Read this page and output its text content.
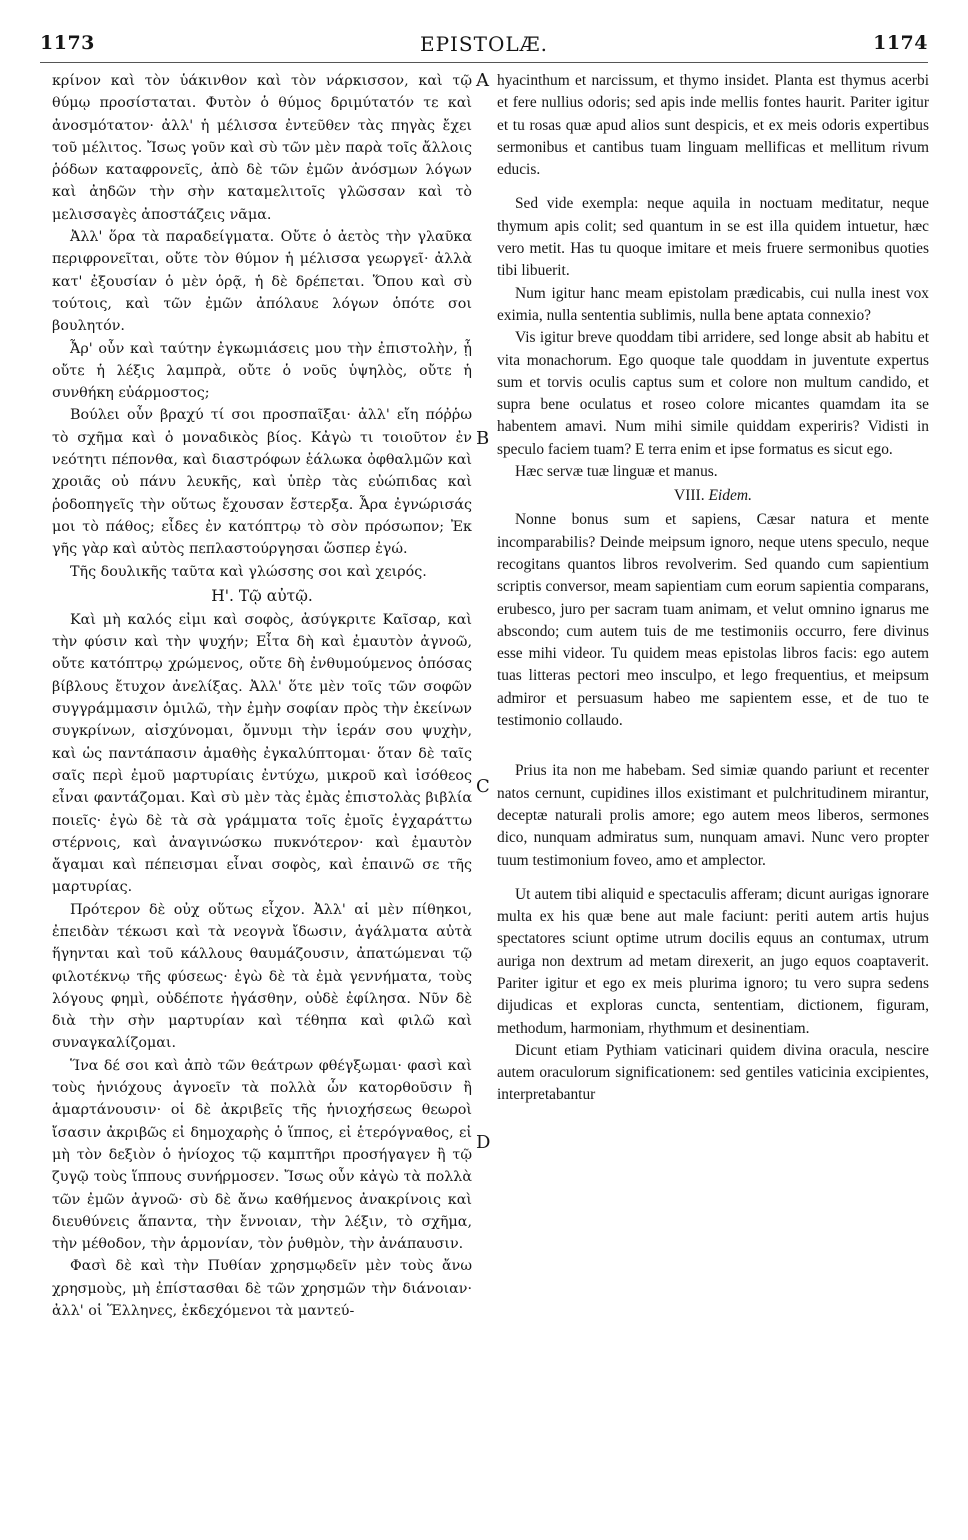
1173	EPISTOLÆ.	1174
A
B
C
D

κρίνον καὶ τὸν ὑάκινθον καὶ τὸν νάρκισσον, καὶ τῷ θύμῳ προσίσταται. Φυτὸν ὁ θύμος δριμύτατόν τε καὶ ἀνοσμότατον· ἀλλ' ἡ μέλισσα ἐντεῦθεν τὰς πηγὰς ἔχει τοῦ μέλιτος. Ἴσως γοῦν καὶ σὺ τῶν μὲν παρὰ τοῖς ἄλλοις ῥόδων καταφρονεῖς, ἀπὸ δὲ τῶν ἐμῶν ἀνόσμων λόγων καὶ ἀηδῶν τὴν σὴν καταμελιτοῖς γλῶσσαν καὶ τὸ μελισσαγὲς ἀποστάζεις νᾶμα.

Ἀλλ' ὅρα τὰ παραδείγματα. Οὔτε ὁ ἀετὸς τὴν γλαῦκα περιφρονεῖται, οὔτε τὸν θύμον ἡ μέλισσα γεωργεῖ· ἀλλὰ κατ' ἐξουσίαν ὁ μὲν ὁρᾷ, ἡ δὲ δρέπεται. Ὅπου καὶ σὺ τούτοις, καὶ τῶν ἐμῶν ἀπόλαυε λόγων ὁπότε σοι βουλητόν.

Ἆρ' οὖν καὶ ταύτην ἐγκωμιάσεις μου τὴν ἐπιστολὴν, ᾗ οὔτε ἡ λέξις λαμπρὰ, οὔτε ὁ νοῦς ὑψηλὸς, οὔτε ἡ συνθήκη εὐάρμοστος;

Βούλει οὖν βραχύ τί σοι προσπαῖξαι· ἀλλ' εἴη πόῤῥω τὸ σχῆμα καὶ ὁ μοναδικὸς βίος. Κἀγὼ τι τοιοῦτον ἐν νεότητι πέπονθα, καὶ διαστρόφων ἑάλωκα ὀφθαλμῶν καὶ χροιᾶς οὐ πάνυ λευκῆς, καὶ ὑπὲρ τὰς εὐώπιδας καὶ ῥοδοπηγεῖς τὴν οὕτως ἔχουσαν ἔστερξα. Ἆρα ἐγνώρισάς μοι τὸ πάθος; εἶδες ἐν κατόπτρῳ τὸ σὸν πρόσωπον; Ἐκ γῆς γὰρ καὶ αὐτὸς πεπλαστούργησαι ὥσπερ ἐγώ.

Τῆς δουλικῆς ταῦτα καὶ γλώσσης σοι καὶ χειρός.

Η'. Τῷ αὐτῷ.

Καὶ μὴ καλός εἰμι καὶ σοφὸς, ἀσύγκριτε Καῖσαρ, καὶ τὴν φύσιν καὶ τὴν ψυχήν; Εἶτα δὴ καὶ ἐμαυτὸν ἀγνοῶ, οὔτε κατόπτρῳ χρώμενος, οὔτε δὴ ἐνθυμούμενος ὁπόσας βίβλους ἔτυχον ἀνελίξας. Ἀλλ' ὅτε μὲν τοῖς τῶν σοφῶν συγγράμμασιν ὁμιλῶ, τὴν ἐμὴν σοφίαν πρὸς τὴν ἐκείνων συγκρίνων, αἰσχύνομαι, ὄμνυμι τὴν ἱεράν σου ψυχὴν, καὶ ὡς παντάπασιν ἀμαθὴς ἐγκαλύπτομαι· ὅταν δὲ ταῖς σαῖς περὶ ἐμοῦ μαρτυρίαις ἐντύχω, μικροῦ καὶ ἰσόθεος εἶναι φαντάζομαι. Καὶ σὺ μὲν τὰς ἐμὰς ἐπιστολὰς βιβλία ποιεῖς· ἐγὼ δὲ τὰ σὰ γράμματα τοῖς ἐμοῖς ἐγχαράττω στέρνοις, καὶ ἀναγινώσκω πυκνότερον· καὶ ἐμαυτὸν ἄγαμαι καὶ πέπεισμαι εἶναι σοφὸς, καὶ ἐπαινῶ σε τῆς μαρτυρίας.

Πρότερον δὲ οὐχ οὕτως εἶχον. Ἀλλ' αἱ μὲν πίθηκοι, ἐπειδὰν τέκωσι καὶ τὰ νεογνὰ ἴδωσιν, ἀγάλματα αὐτὰ ἥγηνται καὶ τοῦ κάλλους θαυμάζουσιν, ἀπατώμεναι τῷ φιλοτέκνῳ τῆς φύσεως· ἐγὼ δὲ τὰ ἐμὰ γεννήματα, τοὺς λόγους φημὶ, οὐδέποτε ἠγάσθην, οὐδὲ ἐφίλησα. Νῦν δὲ διὰ τὴν σὴν μαρτυρίαν καὶ τέθηπα καὶ φιλῶ καὶ συναγκαλίζομαι.

Ἵνα δέ σοι καὶ ἀπὸ τῶν θεάτρων φθέγξωμαι· φασὶ καὶ τοὺς ἡνιόχους ἀγνοεῖν τὰ πολλὰ ὧν κατορθοῦσιν ἢ ἁμαρτάνουσιν· οἱ δὲ ἀκριβεῖς τῆς ἡνιοχήσεως θεωροὶ ἴσασιν ἀκριβῶς εἰ δημοχαρὴς ὁ ἵππος, εἰ ἑτερόγναθος, εἰ μὴ τὸν δεξιὸν ὁ ἡνίοχος τῷ καμπτῆρι προσήγαγεν ἢ τῷ ζυγῷ τοὺς ἵππους συνήρμοσεν. Ἴσως οὖν κἀγὼ τὰ πολλὰ τῶν ἐμῶν ἀγνοῶ· σὺ δὲ ἄνω καθήμενος ἀνακρίνοις καὶ διευθύνεις ἅπαντα, τὴν ἔννοιαν, τὴν λέξιν, τὸ σχῆμα, τὴν μέθοδον, τὴν ἁρμονίαν, τὸν ῥυθμὸν, τὴν ἀνάπαυσιν.

Φασὶ δὲ καὶ τὴν Πυθίαν χρησμῳδεῖν μὲν τοὺς ἄνω χρησμοὺς, μὴ ἐπίστασθαι δὲ τῶν χρησμῶν τὴν διάνοιαν· ἀλλ' οἱ Ἕλληνες, ἐκδεχόμενοι τὰ μαντεύ-

hyacinthum et narcissum, et thymo insidet. Planta est thymus acerbi et fere nullius odoris; sed apis inde mellis fontes haurit. Pariter igitur et tu rosas quæ apud alios sunt despicis, et ex meis odoris expertibus sermonibus et cantibus tuam linguam mellificas et mellitum rivum educis.

Sed vide exempla: neque aquila in noctuam meditatur, neque thymum apis colit; sed quantum in se est illa quidem intuetur, hæc vero metit. Has tu quoque imitare et meis fruere sermonibus quoties tibi libuerit.

Num igitur hanc meam epistolam prædicabis, cui nulla inest vox eximia, nulla sententia sublimis, nulla bene aptata connexio?

Vis igitur breve quoddam tibi arridere, sed longe absit ab habitu et vita monachorum. Ego quoque tale quoddam in juventute expertus sum et torvis oculis captus sum et colore non multum candido, et supra bene oculatus et roseo colore micantes quamdam ita se habentem amavi. Num mihi simile quiddam experiris? Vidisti in speculo faciem tuam? E terra enim et ipse formatus es sicut ego.

Hæc servæ tuæ linguæ et manus.

VIII. Eidem.

Nonne bonus sum et sapiens, Cæsar natura et mente incomparabilis? Deinde meipsum ignoro, neque utens speculo, neque recogitans quantos libros revolverim. Sed quando cum sapientium scriptis conversor, meam sapientiam cum eorum sapientia comparans, erubesco, juro per sacram tuam animam, et velut omnino ignarus me abscondo; cum autem tuis de me testimoniis occurro, fere divinus esse mihi videor. Tu quidem meas epistolas libros facis: ego autem tuas litteras pectori meo insculpo, et lego frequentius, et meipsum admiror et persuasum habeo me sapientem esse, et de tuo te testimonio collaudo.

Prius ita non me habebam. Sed simiæ quando pariunt et recenter natos cernunt, cupidines illos existimant et pulchritudinem mirantur, deceptæ naturali prolis amore; ego autem meos liberos, sermones dico, nunquam admiratus sum, nunquam amavi. Nunc vero propter tuum testimonium foveo, amo et amplector.

Ut autem tibi aliquid e spectaculis afferam; dicunt aurigas ignorare multa ex his quæ bene aut male faciunt: periti autem artis hujus spectatores sciunt optime utrum docilis equus an contumax, utrum auriga non dextrum ad metam direxerit, an jugo equos coaptaverit. Pariter igitur et ego ex meis plurima ignoro; tu vero supra sedens dijudicas et exploras cuncta, sententiam, dictionem, figuram, methodum, harmoniam, rhythmum et desinentiam.

Dicunt etiam Pythiam vaticinari quidem divina oracula, nescire autem oraculorum significationem: sed gentiles vaticinia excipientes, interpretabantur
